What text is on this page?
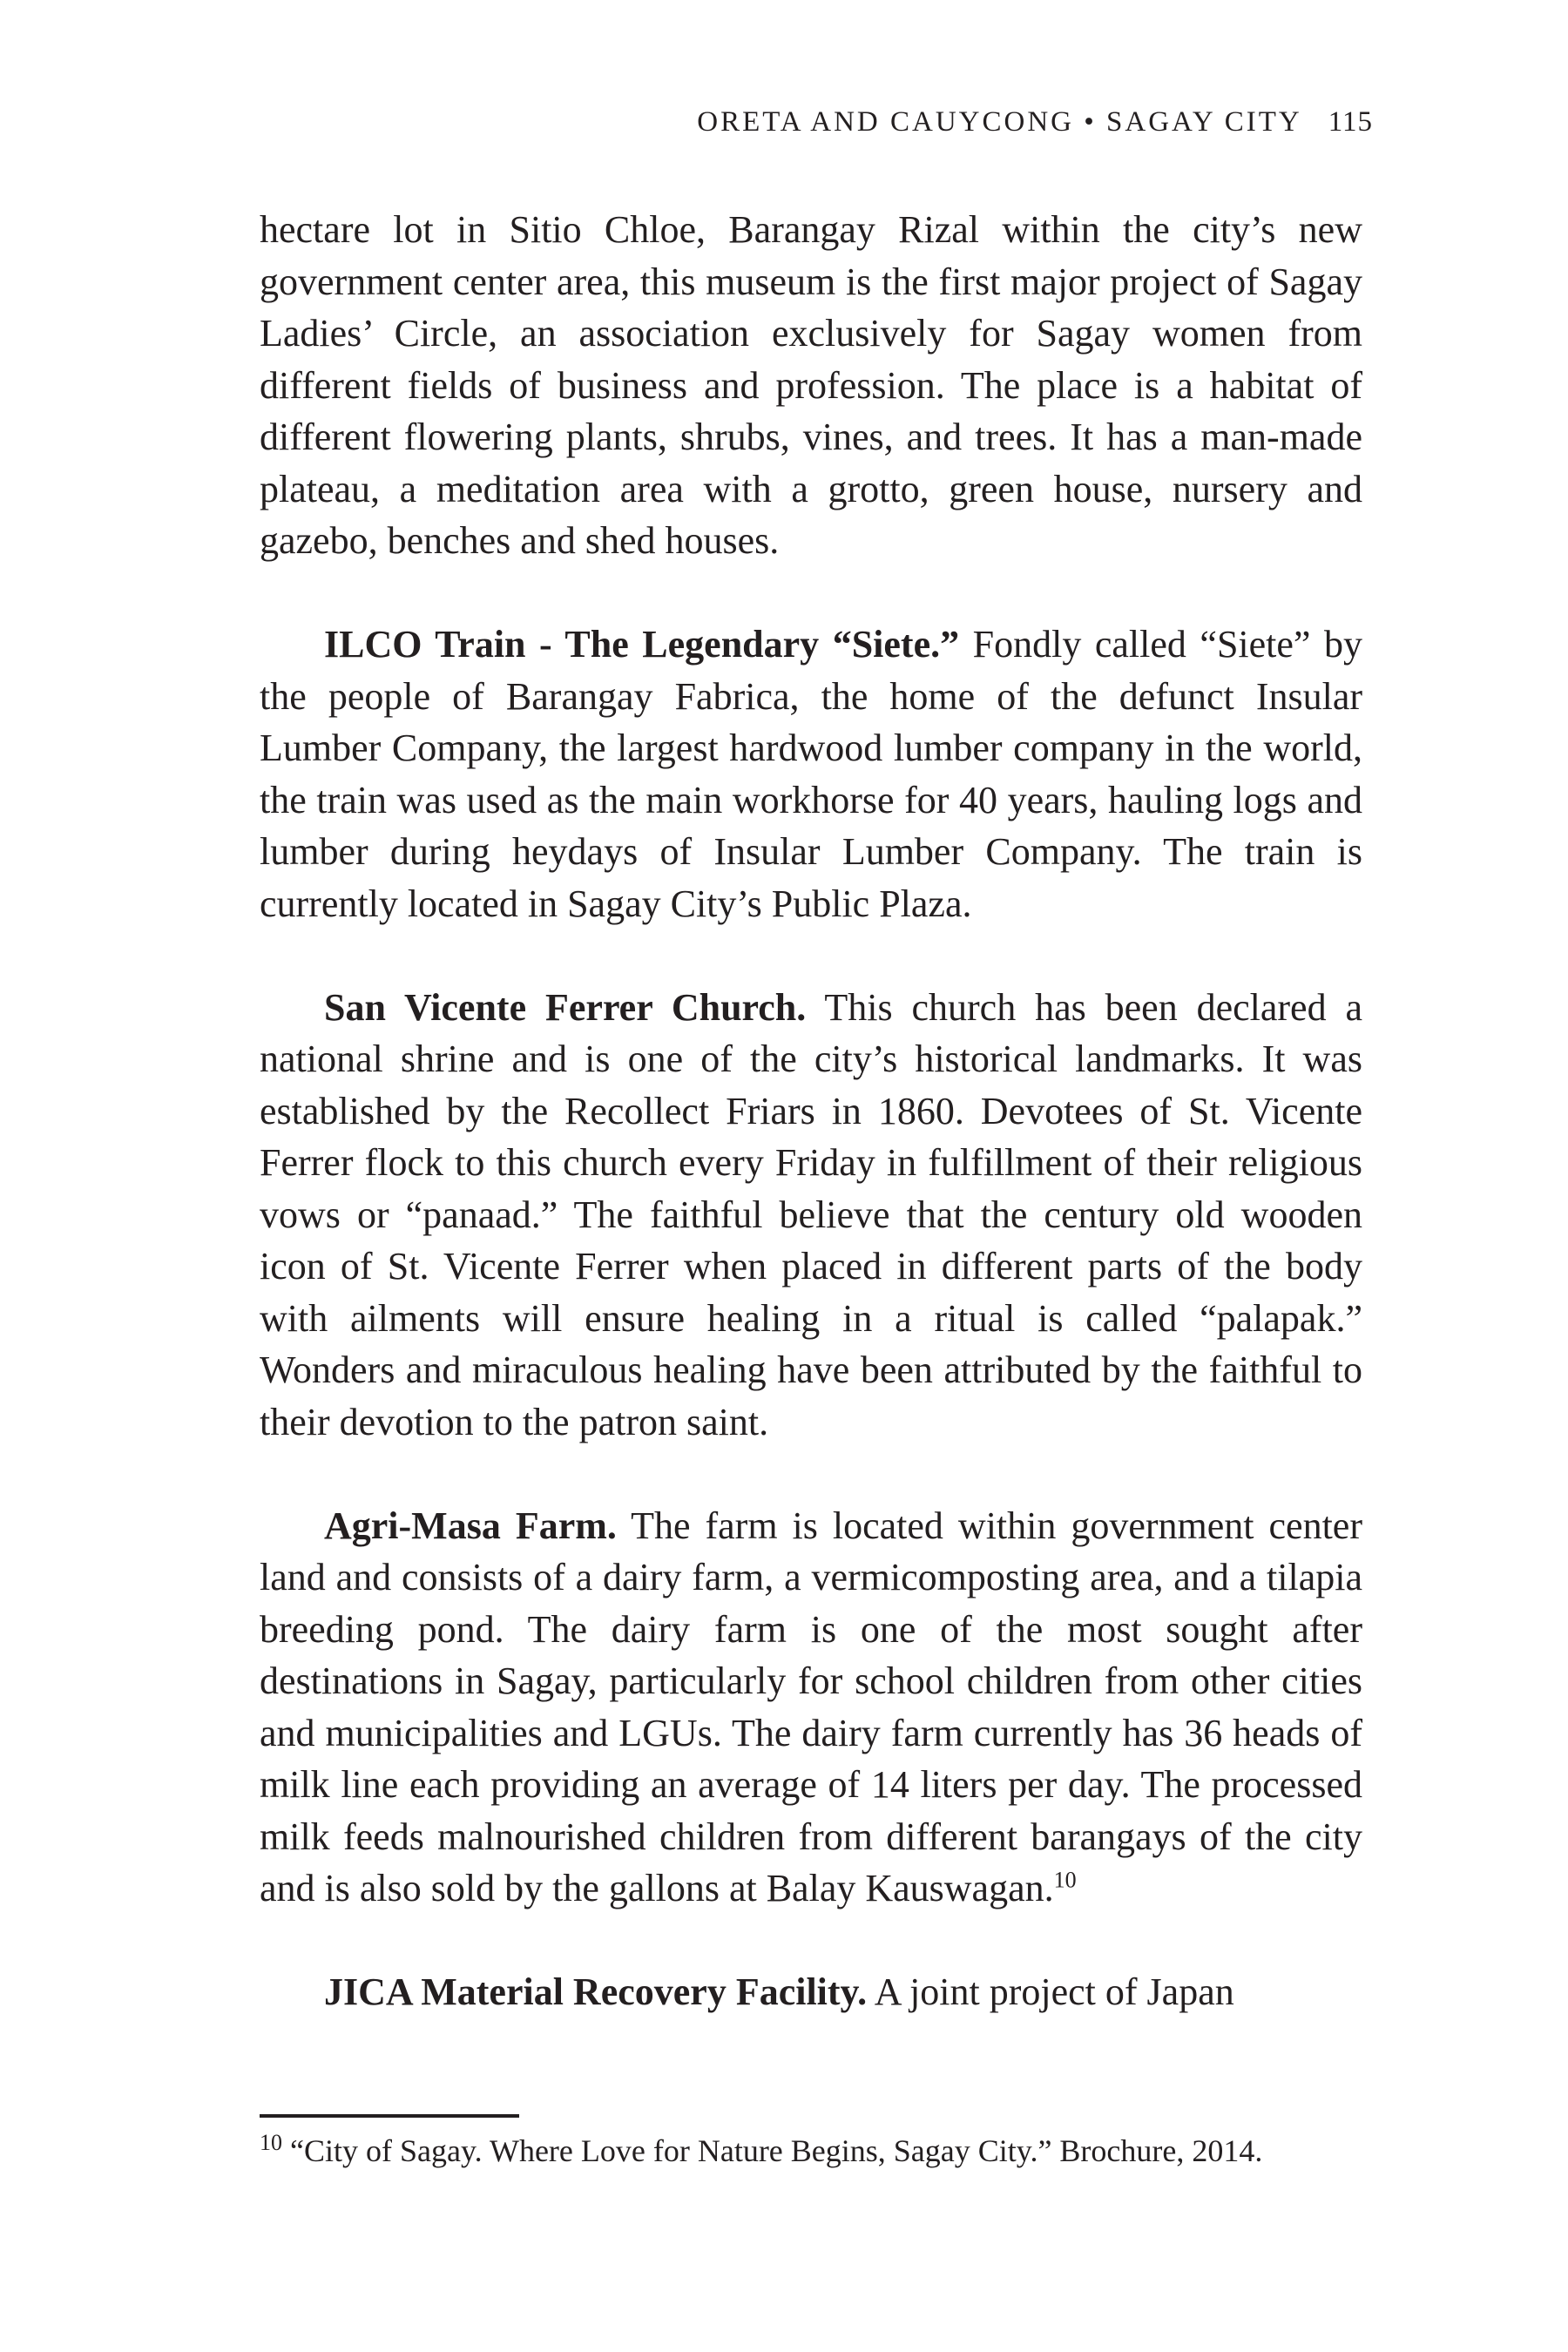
ORETA AND CAUYCONG • SAGAY CITY 115

hectare lot in Sitio Chloe, Barangay Rizal within the city’s new government center area, this museum is the first major project of Sagay Ladies’ Circle, an association exclusively for Sagay women from different fields of business and profession. The place is a habitat of different flowering plants, shrubs, vines, and trees. It has a man-made plateau, a meditation area with a grotto, green house, nursery and gazebo, benches and shed houses.

ILCO Train - The Legendary “Siete.” Fondly called “Siete” by the people of Barangay Fabrica, the home of the defunct Insular Lumber Company, the largest hardwood lumber company in the world, the train was used as the main workhorse for 40 years, hauling logs and lumber during heydays of Insular Lumber Company. The train is currently located in Sagay City’s Public Plaza.

San Vicente Ferrer Church. This church has been declared a national shrine and is one of the city’s historical landmarks. It was established by the Recollect Friars in 1860. Devotees of St. Vicente Ferrer flock to this church every Friday in fulfillment of their religious vows or “panaad.” The faithful believe that the century old wooden icon of St. Vicente Ferrer when placed in different parts of the body with ailments will ensure healing in a ritual is called “palapak.” Wonders and miraculous healing have been attributed by the faithful to their devotion to the patron saint.

Agri-Masa Farm. The farm is located within government center land and consists of a dairy farm, a vermicomposting area, and a tilapia breeding pond. The dairy farm is one of the most sought after destinations in Sagay, particularly for school children from other cities and municipalities and LGUs. The dairy farm currently has 36 heads of milk line each providing an average of 14 liters per day. The processed milk feeds malnourished children from different barangays of the city and is also sold by the gallons at Balay Kauswagan.$^{10}$

JICA Material Recovery Facility. A joint project of Japan

$^{10}$ “City of Sagay. Where Love for Nature Begins, Sagay City.” Brochure, 2014.
